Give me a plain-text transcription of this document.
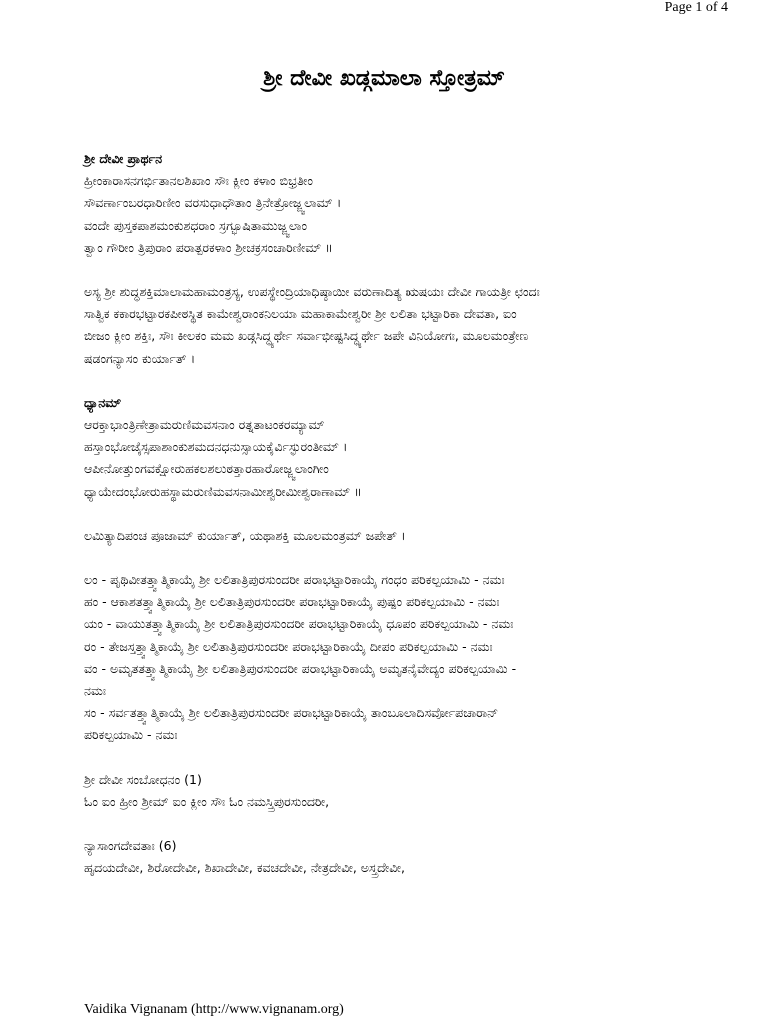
Page 1 of 4
ಶ್ರೀ ದೇವೀ ಖಡ್ಗಮಾಲಾ ಸ್ತೋತ್ರಮ್
ಶ್ರೀ ದೇವೀ ಪ್ರಾರ್ಥನ
ಹ್ರೀಂಕಾರಾಸನಗರ್ಭಿತಾನಲಶಿಖಾಂ ಸೌಃ ಕ್ಲೀಂ ಕಳಾಂ ಬಿಭ್ರತೀಂ
ಸೌವರ್ಣಾಂಬರಧಾರಿಣೀಂ ವರಸುಧಾಧೌತಾಂ ತ್ರಿನೇತ್ರೋಜ್ಜ್ವಲಾಮ್ ।
ವಂದೇ ಪುಸ್ತಕಪಾಶಮಂಕುಶಧರಾಂ ಸ್ರಗ್ಭೂಷಿತಾಮುಜ್ಜ್ವಲಾಂ
ತ್ವಾಂ ಗೌರೀಂ ತ್ರಿಪುರಾಂ ಪರಾತ್ಪರಕಳಾಂ ಶ್ರೀಚಕ್ರಸಂಚಾರಿಣೀಮ್ ॥
ಅಸ್ಯ ಶ್ರೀ ಶುದ್ಧಶಕ್ತಿಮಾಲಾಮಹಾಮಂತ್ರಸ್ಯ, ಉಪಸ್ಥೇಂದ್ರಿಯಾಧಿಷ್ಠಾಯೀ ವರುಣಾದಿತ್ಯ ಋಷಯಃ ದೇವೀ ಗಾಯತ್ರೀ ಛಂದಃ
ಸಾತ್ವಿಕ ಕಕಾರಭಟ್ಟಾರಕಪೀಠಸ್ಥಿತ ಕಾಮೇಶ್ವರಾಂಕನಿಲಯಾ ಮಹಾಕಾಮೇಶ್ವರೀ ಶ್ರೀ ಲಲಿತಾ ಭಟ್ಟಾರಿಕಾ ದೇವತಾ, ಐಂ
ಬೀಜಂ ಕ್ಲೀಂ ಶಕ್ತಿಃ, ಸೌಃ ಕೀಲಕಂ ಮಮ ಖಡ್ಗಸಿದ್ಧ್ಯರ್ಥೇ ಸರ್ವಾಭೀಷ್ಟಸಿದ್ಧ್ಯರ್ಥೇ ಜಪೇ ವಿನಿಯೋಗಃ, ಮೂಲಮಂತ್ರೇಣ
ಷಡಂಗನ್ಯಾಸಂ ಕುರ್ಯಾತ್ ।
ಧ್ಯಾನಮ್
ಆರಕ್ತಾಭಾಂತ್ರಿಣೇತ್ರಾಮರುಣಿಮವಸನಾಂ ರತ್ನತಾಟಂಕರಮ್ಯಾಮ್
ಹಸ್ತಾಂಭೋಜೈಸ್ಸಪಾಶಾಂಕುಶಮದನಧನುಸ್ಸಾಯಕೈರ್ವಿಸ್ಫುರಂತೀಮ್ ।
ಆಪೀನೋತ್ತುಂಗವಕ್ಷೋರುಹಕಲಶಲುಠತ್ತಾರಹಾರೋಜ್ಜ್ವಲಾಂಗೀಂ
ಧ್ಯಾಯೇದಂಭೋರುಹಸ್ಥಾಮರುಣಿಮವಸನಾಮೀಶ್ವರೀಮೀಶ್ವರಾಣಾಮ್ ॥
ಲಮಿತ್ಯಾದಿಪಂಚ ಪೂಜಾಮ್ ಕುರ್ಯಾತ್, ಯಥಾಶಕ್ತಿ ಮೂಲಮಂತ್ರಮ್ ಜಪೇತ್ ।
ಲಂ - ಪೃಥಿವೀತತ್ತ್ವಾತ್ಮಿಕಾಯೈ ಶ್ರೀ ಲಲಿತಾತ್ರಿಪುರಸುಂದರೀ ಪರಾಭಟ್ಟಾರಿಕಾಯೈ ಗಂಧಂ ಪರಿಕಲ್ಪಯಾಮಿ - ನಮಃ
ಹಂ - ಆಕಾಶತತ್ತ್ವಾತ್ಮಿಕಾಯೈ ಶ್ರೀ ಲಲಿತಾತ್ರಿಪುರಸುಂದರೀ ಪರಾಭಟ್ಟಾರಿಕಾಯೈ ಪುಷ್ಪಂ ಪರಿಕಲ್ಪಯಾಮಿ - ನಮಃ
ಯಂ - ವಾಯುತತ್ತ್ವಾತ್ಮಿಕಾಯೈ ಶ್ರೀ ಲಲಿತಾತ್ರಿಪುರಸುಂದರೀ ಪರಾಭಟ್ಟಾರಿಕಾಯೈ ಧೂಪಂ ಪರಿಕಲ್ಪಯಾಮಿ - ನಮಃ
ರಂ - ತೇಜಸ್ತತ್ತ್ವಾತ್ಮಿಕಾಯೈ ಶ್ರೀ ಲಲಿತಾತ್ರಿಪುರಸುಂದರೀ ಪರಾಭಟ್ಟಾರಿಕಾಯೈ ದೀಪಂ ಪರಿಕಲ್ಪಯಾಮಿ - ನಮಃ
ವಂ - ಅಮೃತತತ್ತ್ವಾತ್ಮಿಕಾಯೈ ಶ್ರೀ ಲಲಿತಾತ್ರಿಪುರಸುಂದರೀ ಪರಾಭಟ್ಟಾರಿಕಾಯೈ ಅಮೃತನೈವೇದ್ಯಂ ಪರಿಕಲ್ಪಯಾಮಿ -
ನಮಃ
ಸಂ - ಸರ್ವತತ್ತ್ವಾತ್ಮಿಕಾಯೈ ಶ್ರೀ ಲಲಿತಾತ್ರಿಪುರಸುಂದರೀ ಪರಾಭಟ್ಟಾರಿಕಾಯೈ ತಾಂಬೂಲಾದಿಸರ್ವೋಪಚಾರಾನ್
ಪರಿಕಲ್ಪಯಾಮಿ - ನಮಃ
ಶ್ರೀ ದೇವೀ ಸಂಬೋಧನಂ (1)
ಓಂ ಐಂ ಹ್ರೀಂ ಶ್ರೀಮ್ ಐಂ ಕ್ಲೀಂ ಸೌಃ ಓಂ ನಮಸ್ತ್ರಿಪುರಸುಂದರೀ,
ನ್ಯಾಸಾಂಗದೇವತಾಃ (6)
ಹೃದಯದೇವೀ, ಶಿರೋದೇವೀ, ಶಿಖಾದೇವೀ, ಕವಚದೇವೀ, ನೇತ್ರದೇವೀ, ಅಸ್ತ್ರದೇವೀ,
Vaidika Vignanam (http://www.vignanam.org)
